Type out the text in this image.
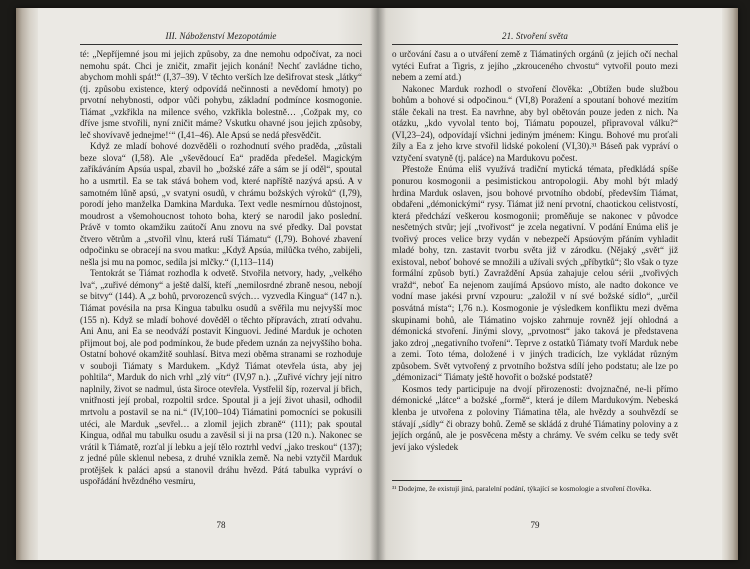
III. Náboženství Mezopotámie

té: „Nepříjemné jsou mi jejich způsoby, za dne nemohu odpočívat, za noci nemohu spát. Chci je zničit, zmařit jejich konání! Nechť zavládne ticho, abychom mohli spát!“ (I,37–39). V těchto verších lze dešifrovat stesk „látky“ (tj. způsobu existence, který odpovídá nečinnosti a nevědomí hmoty) po prvotní nehybnosti, odpor vůči pohybu, základní podmínce kosmogonie. Tiámat „vzkřikla na milence svého, vzkřikla bolestně… ‚Cožpak my, co dříve jsme stvořili, nyní zničit máme? Vskutku ohavné jsou jejich způsoby, leč shovívavě jednejme!‘“ (I,41–46). Ale Apsú se nedá přesvědčit.

Když ze mladí bohové dozvěděli o rozhodnutí svého praděda, „zůstali beze slova“ (I,58). Ale „vševědoucí Ea“ praděda předešel. Magickým zaříkáváním Apsúa uspal, zbavil ho „božské záře a sám se jí oděl“, spoutal ho a usmrtil. Ea se tak stává bohem vod, které napříště nazývá apsú. A v samotném lůně apsú, „v svatyni osudů, v chrámu božských výroků“ (I,79), porodí jeho manželka Damkina Marduka. Text vedle nesmírnou důstojnost, moudrost a všemohoucnost tohoto boha, který se narodil jako poslední. Právě v tomto okamžiku zaútočí Anu znovu na své předky. Dal povstat čtvero větrům a „stvořil vlnu, která ruší Tiámatu“ (I,79). Bohové zbavení odpočinku se obracejí na svou matku: „Když Apsúa, milůčka tvého, zabijeli, nešla jsi mu na pomoc, sedíla jsi mlčky.“ (I,113–114)

Tentokrát se Tiámat rozhodla k odvetě. Stvořila netvory, hady, „velkého lva“, „zuřivé démony“ a ještě další, kteří „nemilosrdné zbraně nesou, nebojí se bitvy“ (144). A „z bohů, prvorozenců svých… vyzvedla Kingua“ (147 n.). Tiámat povésila na prsa Kingua tabulku osudů a svěřila mu nejvyšší moc (155 n). Když se mladí bohové dověděl o těchto přípravách, ztratí odvahu. Ani Anu, ani Ea se neodváží postavit Kinguovi. Jediné Marduk je ochoten přijmout boj, ale pod podmínkou, že bude předem uznán za nejvyššího boha. Ostatní bohové okamžitě souhlasí. Bitva mezi oběma stranami se rozhoduje v souboji Tiámaty s Mardukem. „Když Tiámat otevřela ústa, aby jej pohltila“, Marduk do nich vrhl „zlý vítr“ (IV,97 n.). „Zuřivé víchry její nitro naplnily, život se nadmul, ústa široce otevřela. Vystřelil šíp, rozerval jí břich, vnitřnosti její probal, rozpoltil srdce. Spoutal ji a její život uhasil, odhodil mrtvolu a postavil se na ni.“ (IV,100–104) Tiámatini pomocníci se pokusili utéci, ale Marduk „sevřel… a zlomil jejich zbraně“ (111); pak spoutal Kingua, odňal mu tabulku osudu a zavěsil si ji na prsa (120 n.). Nakonec se vrátil k Tiámatě, rozťal jí lebku a její tělo roztrhl vedví „jako treskou“ (137); z jedné půle sklenul nebesa, z druhé vznikla země. Na nebi vztyčil Marduk protějšek k paláci apsú a stanovil dráhu hvězd. Pátá tabulka vypráví o uspořádání hvězdného vesmíru,

78
21. Stvoření světa

o určování času a o utváření země z Tiámatiných orgánů (z jejích očí nechal vytéci Eufrat a Tigris, z jejího „zkrouceného chvostu“ vytvořil pouto mezi nebem a zemí atd.)

Nakonec Marduk rozhodl o stvoření člověka: „Obtížen bude službou bohům a bohové si odpočinou.“ (VI,8) Poražení a spoutaní bohové mezitím stále čekali na trest. Ea navrhne, aby byl obětován pouze jeden z nich. Na otázku, „kdo vyvolal tento boj, Tiámatu popouzel, připravoval válku?“ (VI,23–24), odpovídají všichni jediným jménem: Kingu. Bohové mu proťali žíly a Ea z jeho krve stvořil lidské pokolení (VI,30).³¹ Báseň pak vypráví o vztyčení svatyně (tj. paláce) na Mardukovu počest.

Přestože Enúma eliš využívá tradiční mytická témata, předkládá spíše ponurou kosmogonii a pesimistickou antropologii. Aby mohl být mladý hrdina Marduk oslaven, jsou bohové prvotního období, především Tiámat, obdařeni „démonickými“ rysy. Tiámat již není prvotní, chaotickou celistvostí, která předchází veškerou kosmogonii; proměňuje se nakonec v původce nesčetných stvůr; její „tvořivost“ je zcela negativní. V podání Enúma eliš je tvořivý proces velice brzy vydán v nebezpečí Apsúovým přáním vyhladit mladé bohy, tzn. zastavit tvorbu světa již v zárodku. (Nějaký „svět“ již existoval, neboť bohové se množili a užívali svých „příbytků“; šlo však o tyze formální způsob bytí.) Zavraždění Apsúa zahajuje celou sérii „tvořivých vražd“, neboť Ea nejenom zaujímá Apsúovo místo, ale nadto dokonce ve vodní mase jakési první vzpouru: „založil v ní své božské sídlo“, „určil posvátná místa“; I,76 n.). Kosmogonie je výsledkem konfliktu mezi dvěma skupinami bohů, ale Tiámatino vojsko zahrnuje rovněž její ohlodná a démonická stvoření. Jinými slovy, „prvotnost“ jako taková je představena jako zdroj „negativního tvoření“. Teprve z ostatků Tiámaty tvoří Marduk nebe a zemi. Toto téma, doložené i v jiných tradicích, lze vykládat různým způsobem. Svět vytvořený z prvotního božstva sdílí jeho podstatu; ale lze po „démonizaci“ Tiámaty ještě hovořit o božské podstatě?

Kosmos tedy participuje na dvojí přirozenosti: dvojznačné, ne-li přímo démonické „látce“ a božské „formě“, která je dílem Mardukovým. Nebeská klenba je utvořena z poloviny Tiámatina těla, ale hvězdy a souhvězdí se stávají „sídly“ či obrazy bohů. Země se skládá z druhé Tiámatiny poloviny a z jejích orgánů, ale je posvěcena městy a chrámy. Ve svém celku se tedy svět jeví jako výsledek

³¹ Dodejme, že existují jiná, paralelní podání, týkající se kosmologie a stvoření člověka.
79
